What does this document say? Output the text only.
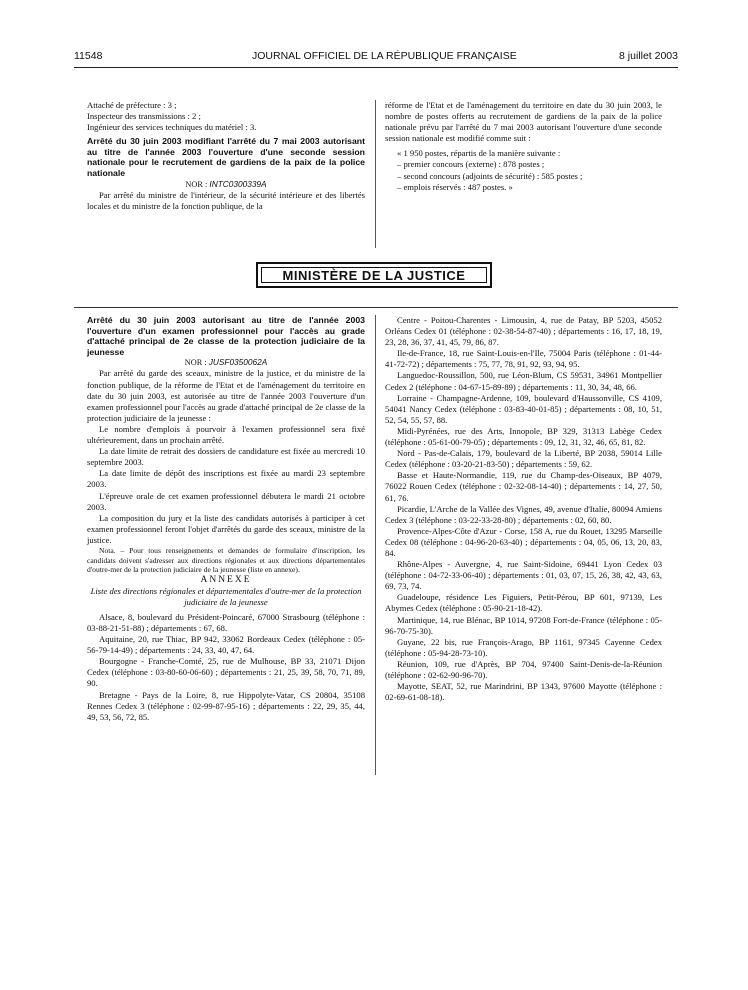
11548	JOURNAL OFFICIEL DE LA RÉPUBLIQUE FRANÇAISE	8 juillet 2003

Attaché de préfecture : 3 ;

Inspecteur des transmissions : 2 ;

Ingénieur des services techniques du matériel : 3.

Arrêté du 30 juin 2003 modifiant l'arrêté du 7 mai 2003 autorisant au titre de l'année 2003 l'ouverture d'une seconde session nationale pour le recrutement de gardiens de la paix de la police nationale

NOR : INTC0300339A

Par arrêté du ministre de l'intérieur, de la sécurité intérieure et des libertés locales et du ministre de la fonction publique, de la

réforme de l'Etat et de l'aménagement du territoire en date du 30 juin 2003, le nombre de postes offerts au recrutement de gardiens de la paix de la police nationale prévu par l'arrêté du 7 mai 2003 autorisant l'ouverture d'une seconde session nationale est modifié comme suit :

« 1 950 postes, répartis de la manière suivante :

– premier concours (externe) : 878 postes ;

– second concours (adjoints de sécurité) : 585 postes ;

– emplois réservés : 487 postes. »

MINISTÈRE DE LA JUSTICE

Arrêté du 30 juin 2003 autorisant au titre de l'année 2003 l'ouverture d'un examen professionnel pour l'accès au grade d'attaché principal de 2e classe de la protection judiciaire de la jeunesse

NOR : JUSF0350062A

Par arrêté du garde des sceaux, ministre de la justice, et du ministre de la fonction publique, de la réforme de l'Etat et de l'aménagement du territoire en date du 30 juin 2003, est autorisée au titre de l'année 2003 l'ouverture d'un examen professionnel pour l'accès au grade d'attaché principal de 2e classe de la protection judiciaire de la jeunesse :

Le nombre d'emplois à pourvoir à l'examen professionnel sera fixé ultérieurement, dans un prochain arrêté.

La date limite de retrait des dossiers de candidature est fixée au mercredi 10 septembre 2003.

La date limite de dépôt des inscriptions est fixée au mardi 23 septembre 2003.

L'épreuve orale de cet examen professionnel débutera le mardi 21 octobre 2003.

La composition du jury et la liste des candidats autorisés à participer à cet examen professionnel feront l'objet d'arrêtés du garde des sceaux, ministre de la justice.

Nota. – Pour tous renseignements et demandes de formulaire d'inscription, les candidats doivent s'adresser aux directions régionales et aux directions départementales d'outre-mer de la protection judiciaire de la jeunesse (liste en annexe).

ANNEXE

Liste des directions régionales et départementales d'outre-mer de la protection judiciaire de la jeunesse

Alsace, 8, boulevard du Président-Poincaré, 67000 Strasbourg (téléphone : 03-88-21-51-88) ; départements : 67, 68.

Aquitaine, 20, rue Thiac, BP 942, 33062 Bordeaux Cedex (téléphone : 05-56-79-14-49) ; départements : 24, 33, 40, 47, 64.

Bourgogne - Franche-Comté, 25, rue de Mulhouse, BP 33, 21071 Dijon Cedex (téléphone : 03-80-60-06-60) ; départements : 21, 25, 39, 58, 70, 71, 89, 90.

Bretagne - Pays de la Loire, 8, rue Hippolyte-Vatar, CS 20804, 35108 Rennes Cedex 3 (téléphone : 02-99-87-95-16) ; départements : 22, 29, 35, 44, 49, 53, 56, 72, 85.

Centre - Poitou-Charentes - Limousin, 4, rue de Patay, BP 5203, 45052 Orléans Cedex 01 (téléphone : 02-38-54-87-40) ; départements : 16, 17, 18, 19, 23, 28, 36, 37, 41, 45, 79, 86, 87.

Ile-de-France, 18, rue Saint-Louis-en-l'Ile, 75004 Paris (téléphone : 01-44-41-72-72) ; départements : 75, 77, 78, 91, 92, 93, 94, 95.

Languedoc-Roussillon, 500, rue Léon-Blum, CS 59531, 34961 Montpellier Cedex 2 (téléphone : 04-67-15-89-89) ; départements : 11, 30, 34, 48, 66.

Lorraine - Champagne-Ardenne, 109, boulevard d'Haussonville, CS 4109, 54041 Nancy Cedex (téléphone : 03-83-40-01-85) ; départements : 08, 10, 51, 52, 54, 55, 57, 88.

Midi-Pyrénées, rue des Arts, Innopole, BP 329, 31313 Labège Cedex (téléphone : 05-61-00-79-05) ; départements : 09, 12, 31, 32, 46, 65, 81, 82.

Nord - Pas-de-Calais, 179, boulevard de la Liberté, BP 2038, 59014 Lille Cedex (téléphone : 03-20-21-83-50) ; départements : 59, 62.

Basse et Haute-Normandie, 119, rue du Champ-des-Oiseaux, BP 4079, 76022 Rouen Cedex (téléphone : 02-32-08-14-40) ; départements : 14, 27, 50, 61, 76.

Picardie, L'Arche de la Vallée des Vignes, 49, avenue d'Italie, 80094 Amiens Cedex 3 (téléphone : 03-22-33-28-80) ; départements : 02, 60, 80.

Provence-Alpes-Côte d'Azur - Corse, 158 A, rue du Rouet, 13295 Marseille Cedex 08 (téléphone : 04-96-20-63-40) ; départements : 04, 05, 06, 13, 20, 83, 84.

Rhône-Alpes - Auvergne, 4, rue Saint-Sidoine, 69441 Lyon Cedex 03 (téléphone : 04-72-33-06-40) ; départements : 01, 03, 07, 15, 26, 38, 42, 43, 63, 69, 73, 74.

Guadeloupe, résidence Les Figuiers, Petit-Pérou, BP 601, 97139, Les Abymes Cedex (téléphone : 05-90-21-18-42).

Martinique, 14, rue Blénac, BP 1014, 97208 Fort-de-France (téléphone : 05-96-70-75-30).

Guyane, 22 bis, rue François-Arago, BP 1161, 97345 Cayenne Cedex (téléphone : 05-94-28-73-10).

Réunion, 109, rue d'Après, BP 704, 97400 Saint-Denis-de-la-Réunion (téléphone : 02-62-90-96-70).

Mayotte, SEAT, 52, rue Marindrini, BP 1343, 97600 Mayotte (téléphone : 02-69-61-08-18).
